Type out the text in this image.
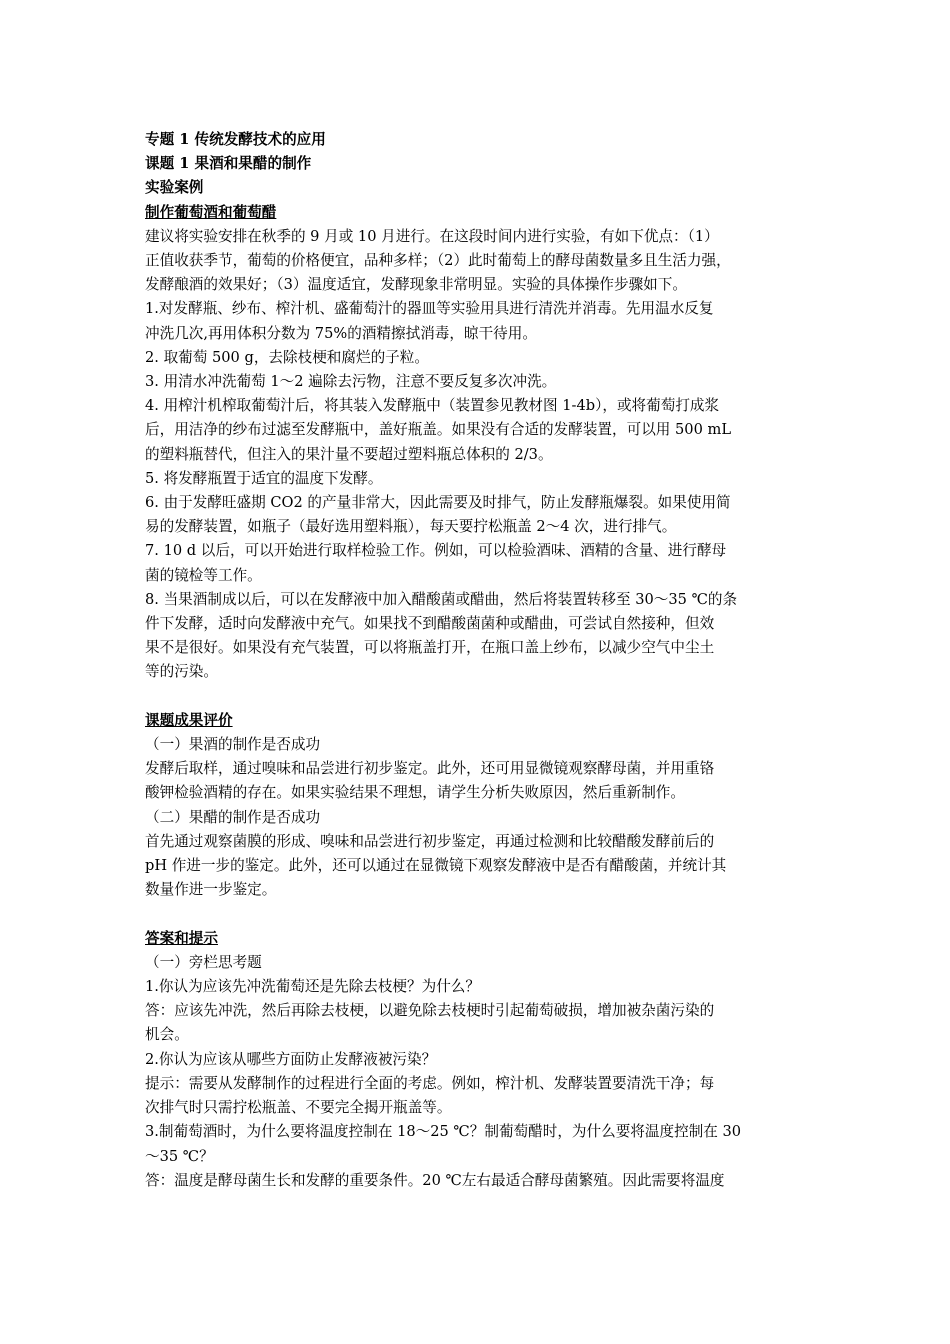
专题 1 传统发酵技术的应用

课题 1 果酒和果醋的制作

实验案例

制作葡萄酒和葡萄醋

建议将实验安排在秋季的 9 月或 10 月进行。在这段时间内进行实验，有如下优点：（1）

正值收获季节，葡萄的价格便宜，品种多样；（2）此时葡萄上的酵母菌数量多且生活力强，

发酵酿酒的效果好；（3）温度适宜，发酵现象非常明显。实验的具体操作步骤如下。

1.对发酵瓶、纱布、榨汁机、盛葡萄汁的器皿等实验用具进行清洗并消毒。先用温水反复

冲洗几次,再用体积分数为 75%的酒精擦拭消毒，晾干待用。

2. 取葡萄 500 g，去除枝梗和腐烂的子粒。

3. 用清水冲洗葡萄 1～2 遍除去污物，注意不要反复多次冲洗。

4. 用榨汁机榨取葡萄汁后，将其装入发酵瓶中（装置参见教材图 1-4b），或将葡萄打成浆

后，用洁净的纱布过滤至发酵瓶中，盖好瓶盖。如果没有合适的发酵装置，可以用 500 mL

的塑料瓶替代，但注入的果汁量不要超过塑料瓶总体积的 2/3。

5. 将发酵瓶置于适宜的温度下发酵。

6. 由于发酵旺盛期 CO2 的产量非常大，因此需要及时排气，防止发酵瓶爆裂。如果使用简

易的发酵装置，如瓶子（最好选用塑料瓶），每天要拧松瓶盖 2～4 次，进行排气。

7. 10 d 以后，可以开始进行取样检验工作。例如，可以检验酒味、酒精的含量、进行酵母

菌的镜检等工作。

8. 当果酒制成以后，可以在发酵液中加入醋酸菌或醋曲，然后将装置转移至 30～35 ℃的条

件下发酵，适时向发酵液中充气。如果找不到醋酸菌菌种或醋曲，可尝试自然接种，但效

果不是很好。如果没有充气装置，可以将瓶盖打开，在瓶口盖上纱布，以减少空气中尘土

等的污染。

课题成果评价

（一）果酒的制作是否成功

发酵后取样，通过嗅味和品尝进行初步鉴定。此外，还可用显微镜观察酵母菌，并用重铬

酸钾检验酒精的存在。如果实验结果不理想，请学生分析失败原因，然后重新制作。

（二）果醋的制作是否成功

首先通过观察菌膜的形成、嗅味和品尝进行初步鉴定，再通过检测和比较醋酸发酵前后的

pH 作进一步的鉴定。此外，还可以通过在显微镜下观察发酵液中是否有醋酸菌，并统计其

数量作进一步鉴定。

答案和提示

（一）旁栏思考题

1.你认为应该先冲洗葡萄还是先除去枝梗？为什么？

答：应该先冲洗，然后再除去枝梗，以避免除去枝梗时引起葡萄破损，增加被杂菌污染的

机会。

2.你认为应该从哪些方面防止发酵液被污染？

提示：需要从发酵制作的过程进行全面的考虑。例如，榨汁机、发酵装置要清洗干净；每

次排气时只需拧松瓶盖、不要完全揭开瓶盖等。

3.制葡萄酒时，为什么要将温度控制在 18～25 ℃？制葡萄醋时，为什么要将温度控制在 30

～35 ℃？

答：温度是酵母菌生长和发酵的重要条件。20 ℃左右最适合酵母菌繁殖。因此需要将温度
